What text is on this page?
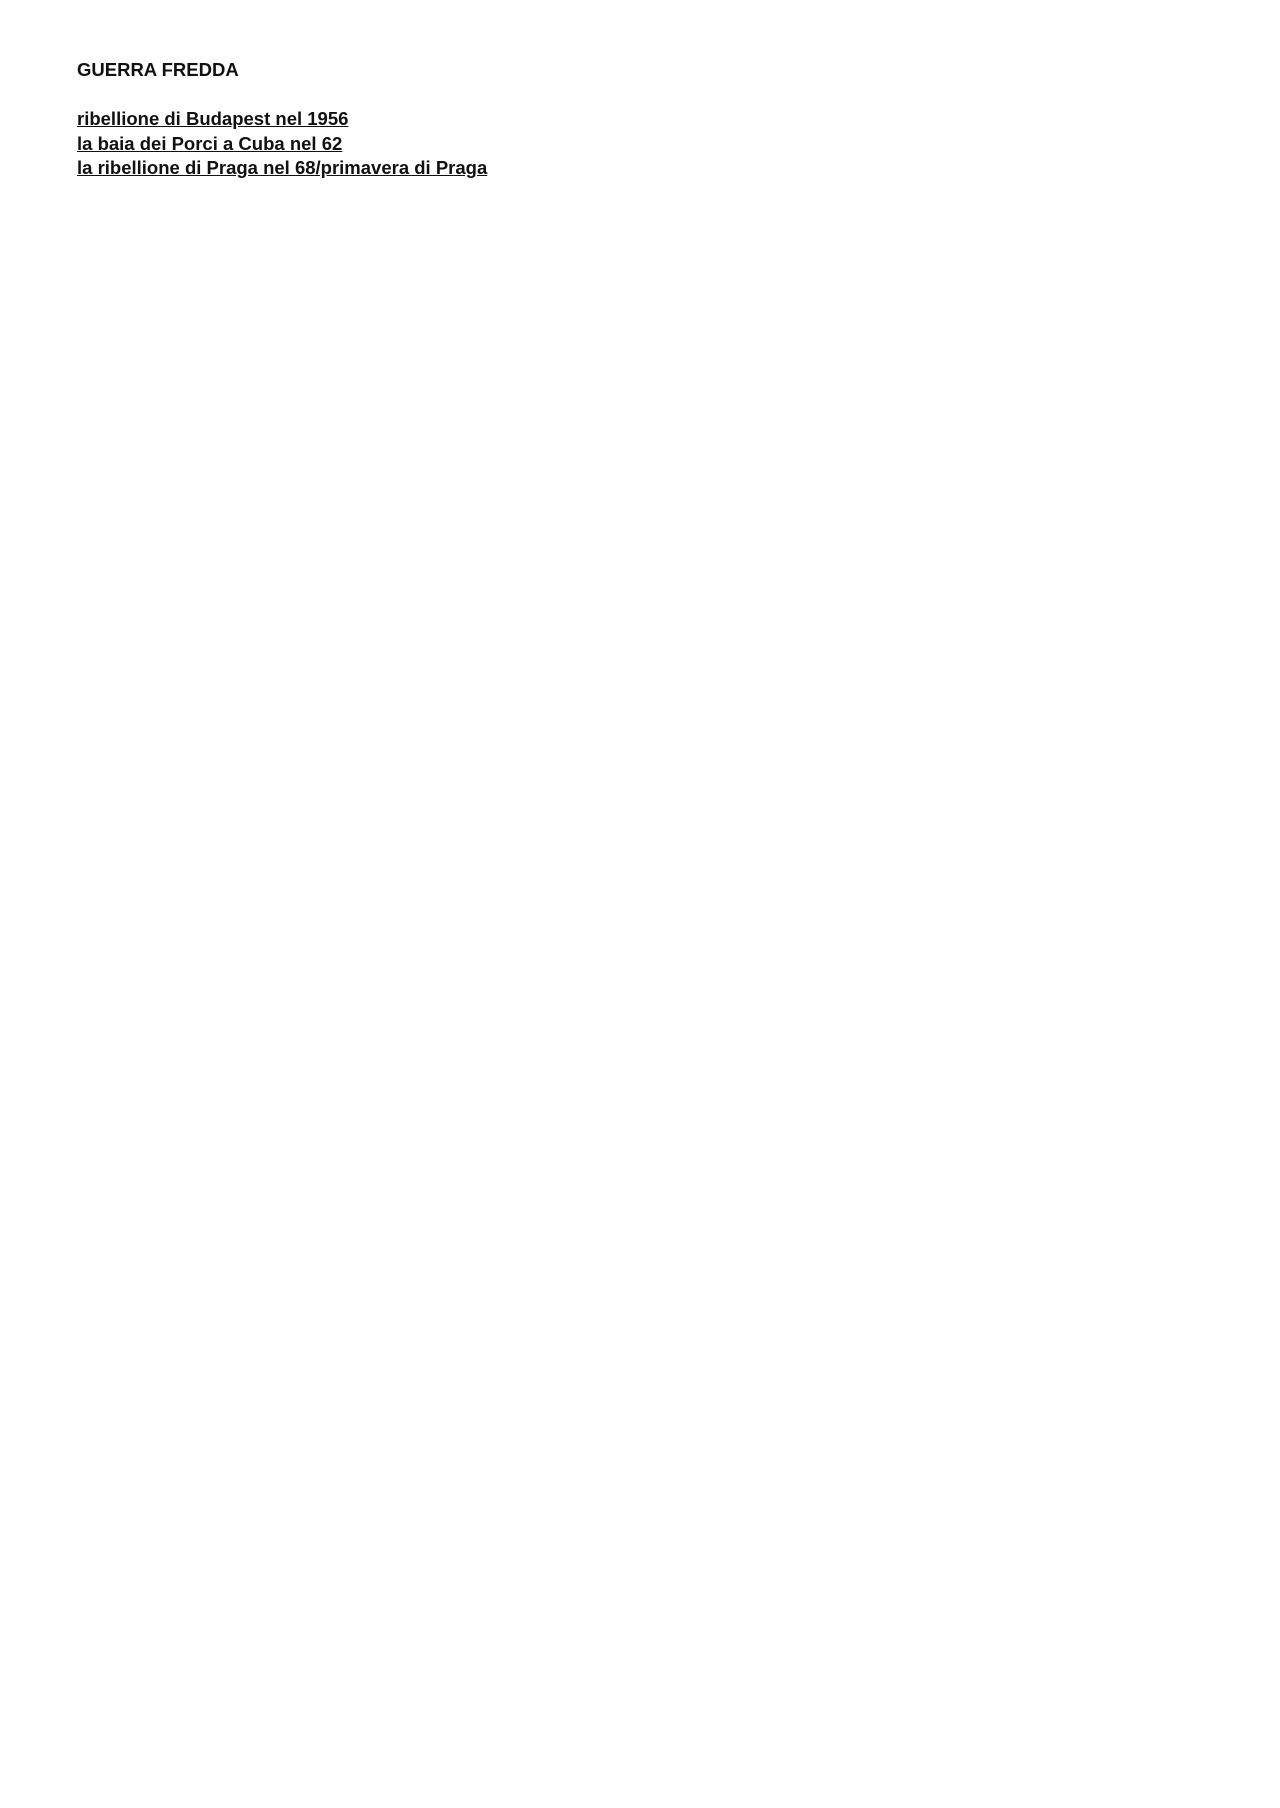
GUERRA FREDDA
ribellione di Budapest nel 1956
la baia dei Porci a Cuba nel 62
la ribellione di Praga nel 68/primavera di Praga
